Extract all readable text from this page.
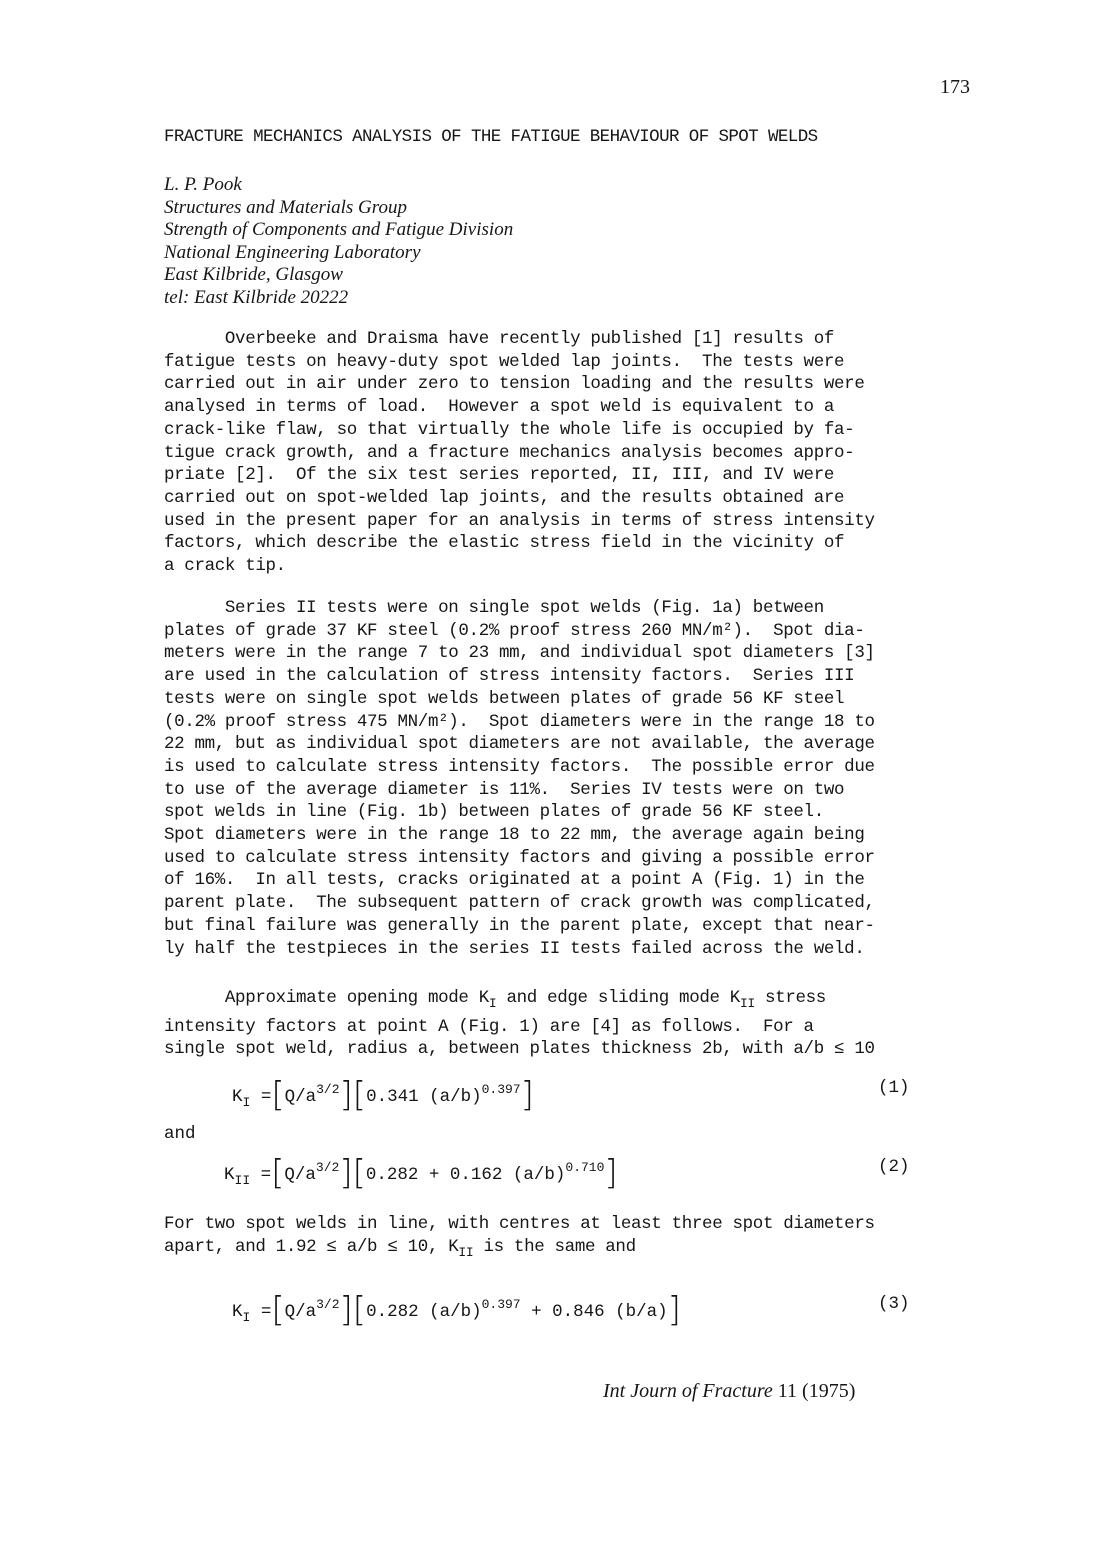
173
FRACTURE MECHANICS ANALYSIS OF THE FATIGUE BEHAVIOUR OF SPOT WELDS
L. P. Pook
Structures and Materials Group
Strength of Components and Fatigue Division
National Engineering Laboratory
East Kilbride, Glasgow
tel: East Kilbride 20222
Overbeeke and Draisma have recently published [1] results of
fatigue tests on heavy-duty spot welded lap joints.  The tests were
carried out in air under zero to tension loading and the results were
analysed in terms of load.  However a spot weld is equivalent to a
crack-like flaw, so that virtually the whole life is occupied by fa-
tigue crack growth, and a fracture mechanics analysis becomes appro-
priate [2].  Of the six test series reported, II, III, and IV were
carried out on spot-welded lap joints, and the results obtained are
used in the present paper for an analysis in terms of stress intensity
factors, which describe the elastic stress field in the vicinity of
a crack tip.
Series II tests were on single spot welds (Fig. 1a) between
plates of grade 37 KF steel (0.2% proof stress 260 MN/m²).  Spot dia-
meters were in the range 7 to 23 mm, and individual spot diameters [3]
are used in the calculation of stress intensity factors.  Series III
tests were on single spot welds between plates of grade 56 KF steel
(0.2% proof stress 475 MN/m²).  Spot diameters were in the range 18 to
22 mm, but as individual spot diameters are not available, the average
is used to calculate stress intensity factors.  The possible error due
to use of the average diameter is 11%.  Series IV tests were on two
spot welds in line (Fig. 1b) between plates of grade 56 KF steel.
Spot diameters were in the range 18 to 22 mm, the average again being
used to calculate stress intensity factors and giving a possible error
of 16%.  In all tests, cracks originated at a point A (Fig. 1) in the
parent plate.  The subsequent pattern of crack growth was complicated,
but final failure was generally in the parent plate, except that near-
ly half the testpieces in the series II tests failed across the weld.
Approximate opening mode $K_I$ and edge sliding mode $K_{II}$ stress
intensity factors at point A (Fig. 1) are [4] as follows.  For a
single spot weld, radius a, between plates thickness 2b, with a/b ≤ 10
$K_I =[Q/a^{3/2}][0.341$ $(a/b)^{0.397}$]	(1)
and
$K_{II} =[Q/a^{3/2}][0.282 + 0.162$ $(a/b)^{0.710}$]	(2)
For two spot welds in line, with centres at least three spot diameters
apart, and 1.92 ≤ a/b ≤ 10, $K_{II}$ is the same and
$K_I =[Q/a^{3/2}][0.282$ $(a/b)^{0.397} + 0.846$ (b/a)]	(3)
Int Journ of Fracture 11 (1975)
